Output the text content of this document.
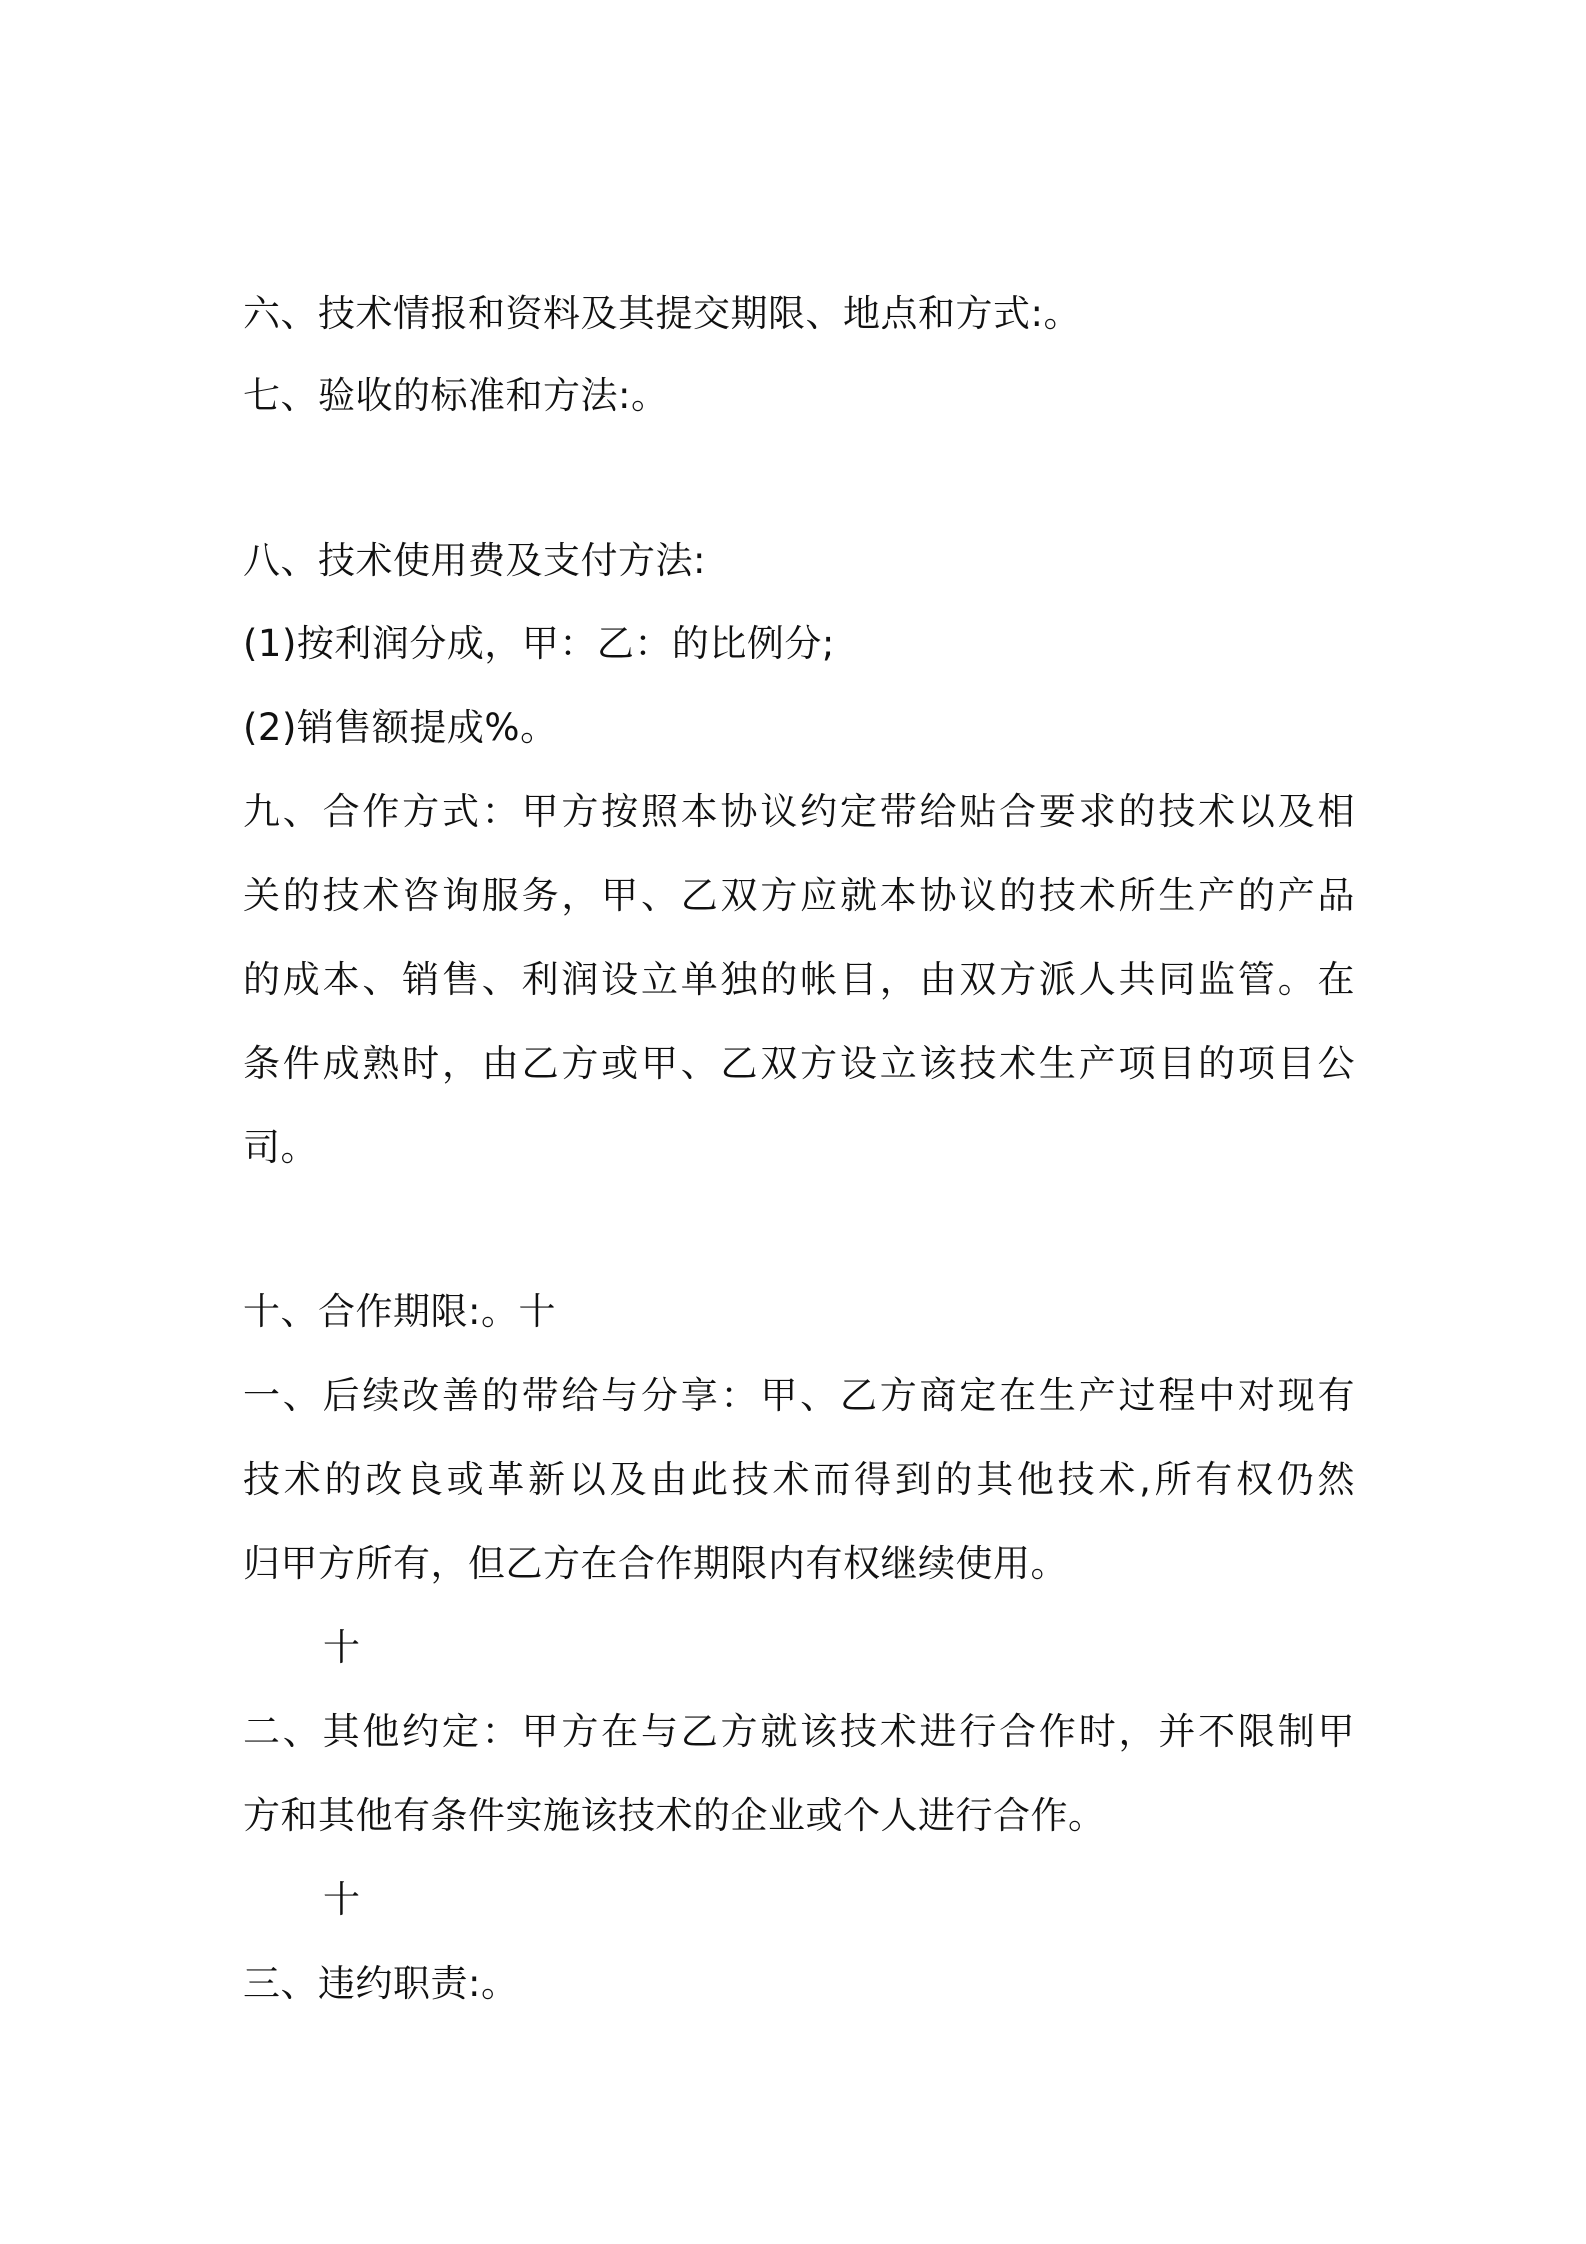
六、技术情报和资料及其提交期限、地点和方式:。
七、验收的标准和方法:。
八、技术使用费及支付方法:
(1)按利润分成，甲：乙：的比例分;
(2)销售额提成%。
九、合作方式：甲方按照本协议约定带给贴合要求的技术以及相
关的技术咨询服务，甲、乙双方应就本协议的技术所生产的产品
的成本、销售、利润设立单独的帐目，由双方派人共同监管。在
条件成熟时，由乙方或甲、乙双方设立该技术生产项目的项目公
司。
十、合作期限:。十
一、后续改善的带给与分享：甲、乙方商定在生产过程中对现有
技术的改良或革新以及由此技术而得到的其他技术,所有权仍然
归甲方所有，但乙方在合作期限内有权继续使用。
十
二、其他约定：甲方在与乙方就该技术进行合作时，并不限制甲
方和其他有条件实施该技术的企业或个人进行合作。
十
三、违约职责:。
